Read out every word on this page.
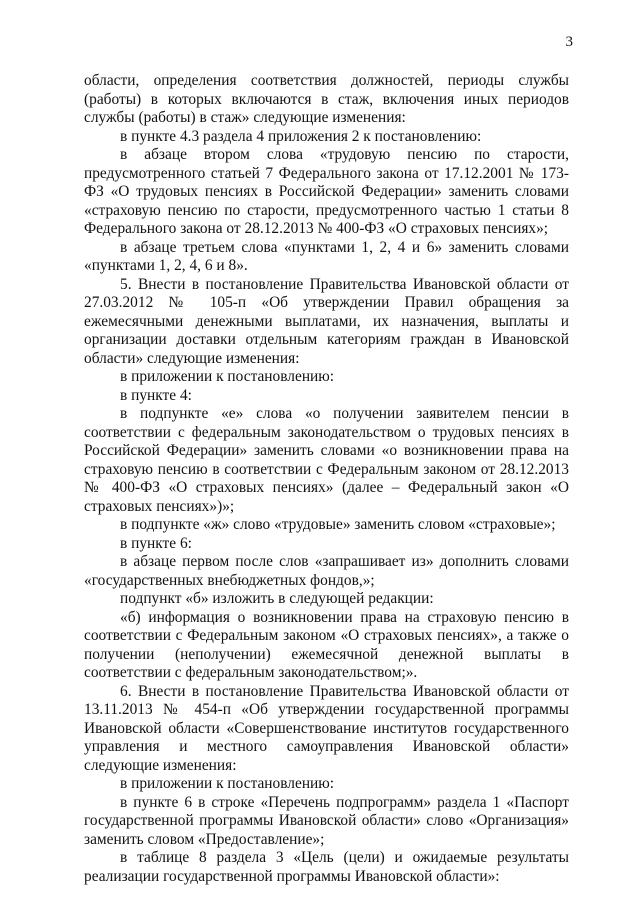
3

области, определения соответствия должностей, периоды службы (работы) в которых включаются в стаж, включения иных периодов службы (работы) в стаж» следующие изменения:

в пункте 4.3 раздела 4 приложения 2 к постановлению:

в абзаце втором слова «трудовую пенсию по старости, предусмотренного статьей 7 Федерального закона от 17.12.2001 № 173-ФЗ «О трудовых пенсиях в Российской Федерации» заменить словами «страховую пенсию по старости, предусмотренного частью 1 статьи 8 Федерального закона от 28.12.2013 № 400-ФЗ «О страховых пенсиях»;

в абзаце третьем слова «пунктами 1, 2, 4 и 6» заменить словами «пунктами 1, 2, 4, 6 и 8».

5. Внести в постановление Правительства Ивановской области от 27.03.2012 № 105-п «Об утверждении Правил обращения за ежемесячными денежными выплатами, их назначения, выплаты и организации доставки отдельным категориям граждан в Ивановской области» следующие изменения:

в приложении к постановлению:

в пункте 4:

в подпункте «е» слова «о получении заявителем пенсии в соответствии с федеральным законодательством о трудовых пенсиях в Российской Федерации» заменить словами «о возникновении права на страховую пенсию в соответствии с Федеральным законом от 28.12.2013 № 400-ФЗ «О страховых пенсиях» (далее – Федеральный закон «О страховых пенсиях»)»;

в подпункте «ж» слово «трудовые» заменить словом «страховые»;

в пункте 6:

в абзаце первом после слов «запрашивает из» дополнить словами «государственных внебюджетных фондов,»;

подпункт «б» изложить в следующей редакции:

«б) информация о возникновении права на страховую пенсию в соответствии с Федеральным законом «О страховых пенсиях», а также о получении (неполучении) ежемесячной денежной выплаты в соответствии с федеральным законодательством;».

6. Внести в постановление Правительства Ивановской области от 13.11.2013 № 454-п «Об утверждении государственной программы Ивановской области «Совершенствование институтов государственного управления и местного самоуправления Ивановской области» следующие изменения:

в приложении к постановлению:

в пункте 6 в строке «Перечень подпрограмм» раздела 1 «Паспорт государственной программы Ивановской области» слово «Организация» заменить словом «Предоставление»;

в таблице 8 раздела 3 «Цель (цели) и ожидаемые результаты реализации государственной программы Ивановской области»:
